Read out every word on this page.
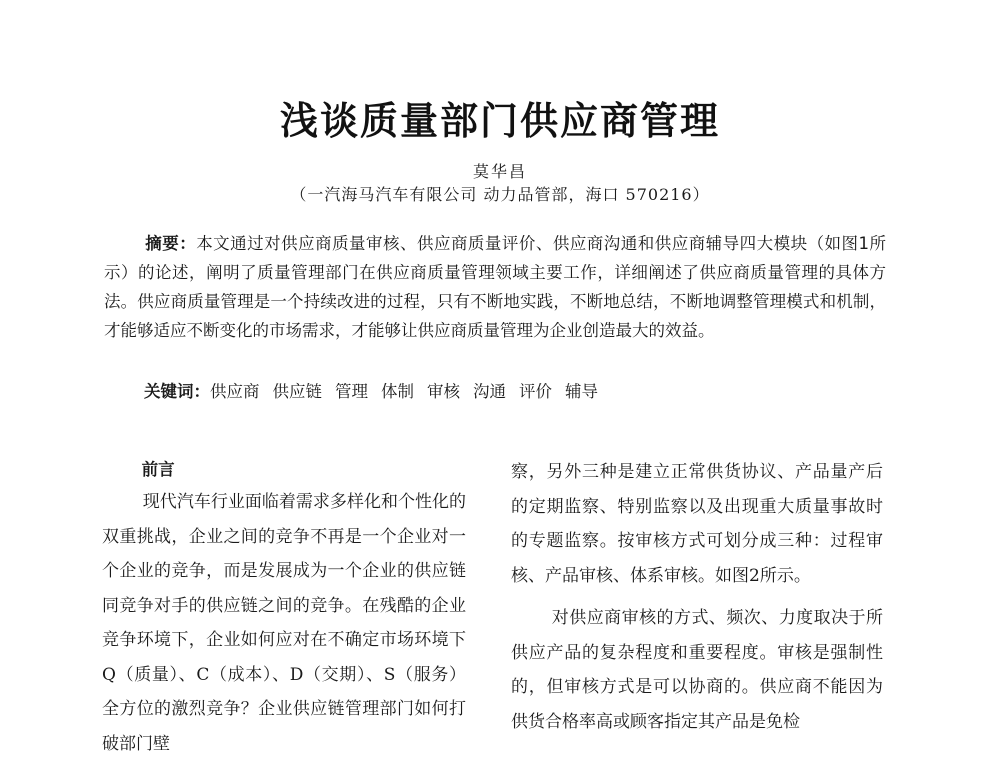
浅谈质量部门供应商管理
莫华昌
（一汽海马汽车有限公司 动力品管部，海口 570216）
摘要：本文通过对供应商质量审核、供应商质量评价、供应商沟通和供应商辅导四大模块（如图1所示）的论述，阐明了质量管理部门在供应商质量管理领域主要工作，详细阐述了供应商质量管理的具体方法。供应商质量管理是一个持续改进的过程，只有不断地实践，不断地总结，不断地调整管理模式和机制，才能够适应不断变化的市场需求，才能够让供应商质量管理为企业创造最大的效益。
关键词：供应商 供应链 管理 体制 审核 沟通 评价 辅导
前言

现代汽车行业面临着需求多样化和个性化的双重挑战，企业之间的竞争不再是一个企业对一个企业的竞争，而是发展成为一个企业的供应链同竞争对手的供应链之间的竞争。在残酷的企业竞争环境下，企业如何应对在不确定市场环境下Q（质量）、C（成本）、D（交期）、S（服务）全方位的激烈竞争？企业供应链管理部门如何打破部门壁

察，另外三种是建立正常供货协议、产品量产后的定期监察、特别监察以及出现重大质量事故时的专题监察。按审核方式可划分成三种：过程审核、产品审核、体系审核。如图2所示。

对供应商审核的方式、频次、力度取决于所供应产品的复杂程度和重要程度。审核是强制性的，但审核方式是可以协商的。供应商不能因为供货合格率高或顾客指定其产品是免检
